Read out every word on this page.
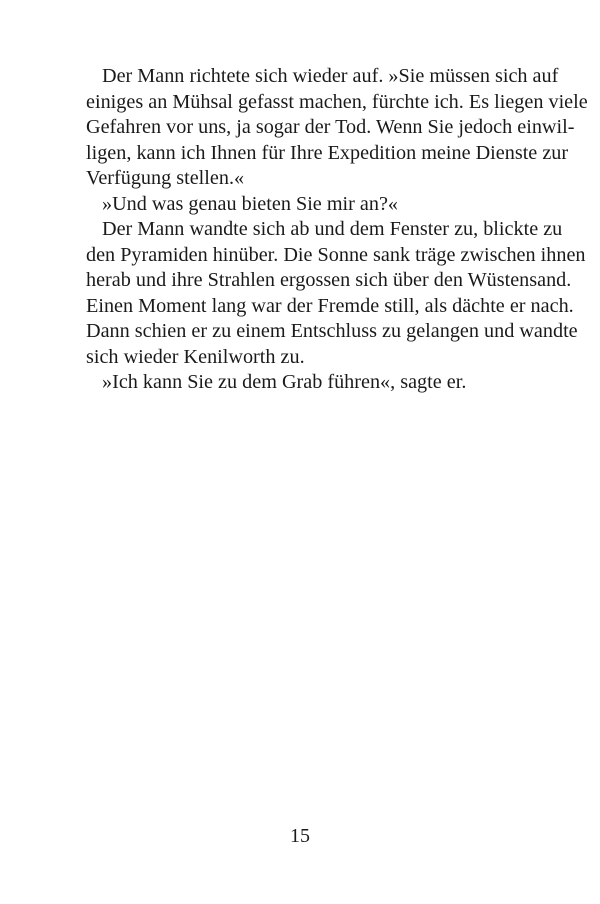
Der Mann richtete sich wieder auf. »Sie müssen sich auf
einiges an Mühsal gefasst machen, fürchte ich. Es liegen viele
Gefahren vor uns, ja sogar der Tod. Wenn Sie jedoch einwil-
ligen, kann ich Ihnen für Ihre Expedition meine Dienste zur
Verfügung stellen.«
»Und was genau bieten Sie mir an?«
Der Mann wandte sich ab und dem Fenster zu, blickte zu
den Pyramiden hinüber. Die Sonne sank träge zwischen ihnen
herab und ihre Strahlen ergossen sich über den Wüstensand.
Einen Moment lang war der Fremde still, als dächte er nach.
Dann schien er zu einem Entschluss zu gelangen und wandte
sich wieder Kenilworth zu.
»Ich kann Sie zu dem Grab führen«, sagte er.
15
